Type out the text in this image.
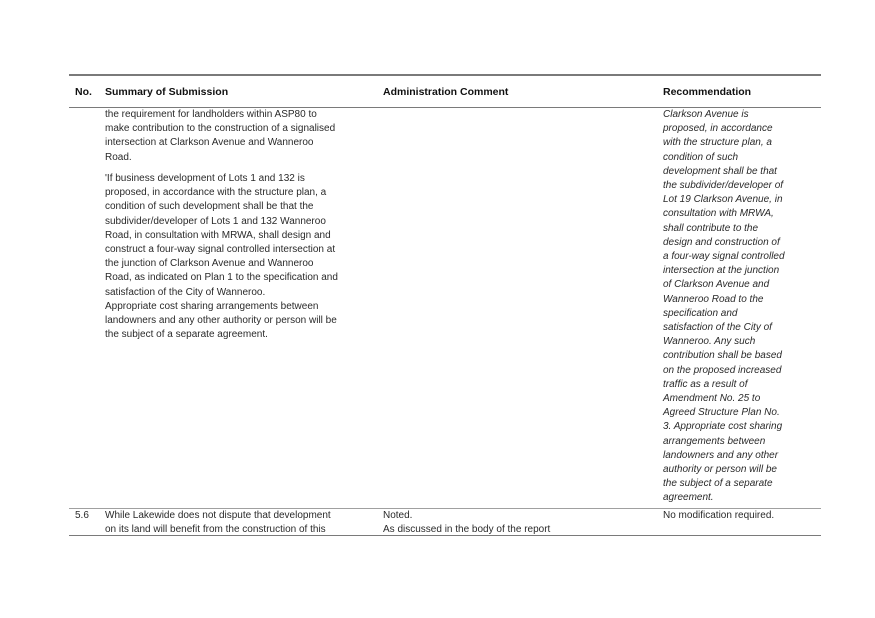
No. Summary of Submission	Administration Comment	Recommendation
the requirement for landholders within ASP80 to
make contribution to the construction of a signalised
intersection at Clarkson Avenue and Wanneroo
Road.
'If business development of Lots 1 and 132 is
proposed, in accordance with the structure plan, a
condition of such development shall be that the
subdivider/developer of Lots 1 and 132 Wanneroo
Road, in consultation with MRWA, shall design and
construct a four-way signal controlled intersection at
the junction of Clarkson Avenue and Wanneroo
Road, as indicated on Plan 1 to the specification and
satisfaction of the City of Wanneroo.
Appropriate cost sharing arrangements between
landowners and any other authority or person will be
the subject of a separate agreement.
Clarkson Avenue is
proposed, in accordance
with the structure plan, a
condition of such
development shall be that
the subdivider/developer of
Lot 19 Clarkson Avenue, in
consultation with MRWA,
shall contribute to the
design and construction of
a four-way signal controlled
intersection at the junction
of Clarkson Avenue and
Wanneroo Road to the
specification and
satisfaction of the City of
Wanneroo. Any such
contribution shall be based
on the proposed increased
traffic as a result of
Amendment No. 25 to
Agreed Structure Plan No.
3. Appropriate cost sharing
arrangements between
landowners and any other
authority or person will be
the subject of a separate
agreement.
5.6 While Lakewide does not dispute that development
on its land will benefit from the construction of this
Noted.
As discussed in the body of the report
No modification required.
